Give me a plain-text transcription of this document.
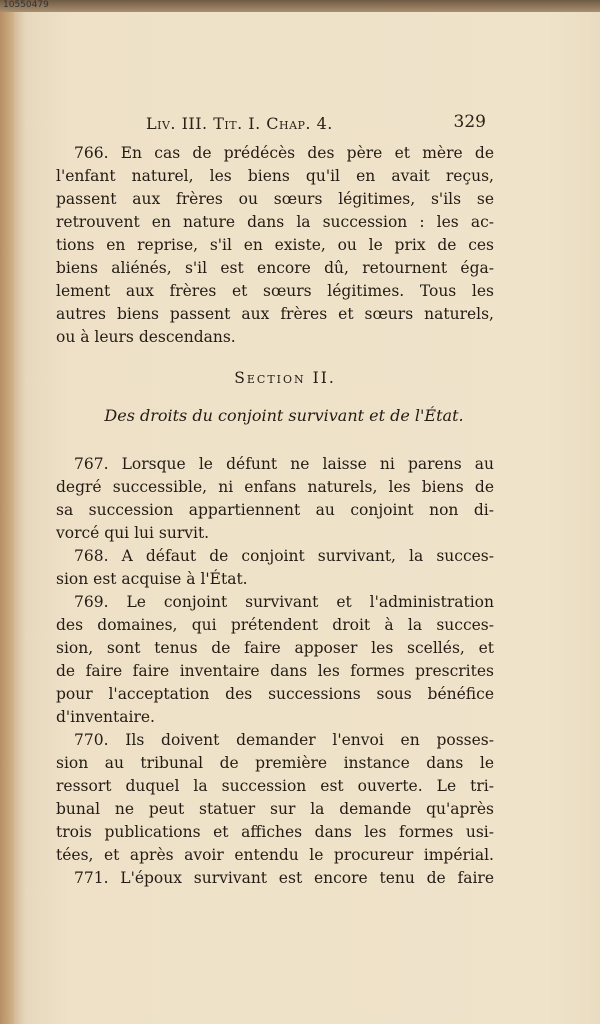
10550479
Liv. III. Tit. I. Chap. 4.	329
766. En cas de prédécès des père et mère de
l'enfant naturel, les biens qu'il en avait reçus,
passent aux frères ou sœurs légitimes, s'ils se
retrouvent en nature dans la succession : les ac-
tions en reprise, s'il en existe, ou le prix de ces
biens aliénés, s'il est encore dû, retournent éga-
lement aux frères et sœurs légitimes. Tous les
autres biens passent aux frères et sœurs naturels,
ou à leurs descendans.
Section II.
Des droits du conjoint survivant et de l'État.
767. Lorsque le défunt ne laisse ni parens au
degré successible, ni enfans naturels, les biens de
sa succession appartiennent au conjoint non di-
vorcé qui lui survit.
768. A défaut de conjoint survivant, la succes-
sion est acquise à l'État.
769. Le conjoint survivant et l'administration
des domaines, qui prétendent droit à la succes-
sion, sont tenus de faire apposer les scellés, et
de faire faire inventaire dans les formes prescrites
pour l'acceptation des successions sous bénéfice
d'inventaire.
770. Ils doivent demander l'envoi en posses-
sion au tribunal de première instance dans le
ressort duquel la succession est ouverte. Le tri-
bunal ne peut statuer sur la demande qu'après
trois publications et affiches dans les formes usi-
tées, et après avoir entendu le procureur impérial.
771. L'époux survivant est encore tenu de faire
